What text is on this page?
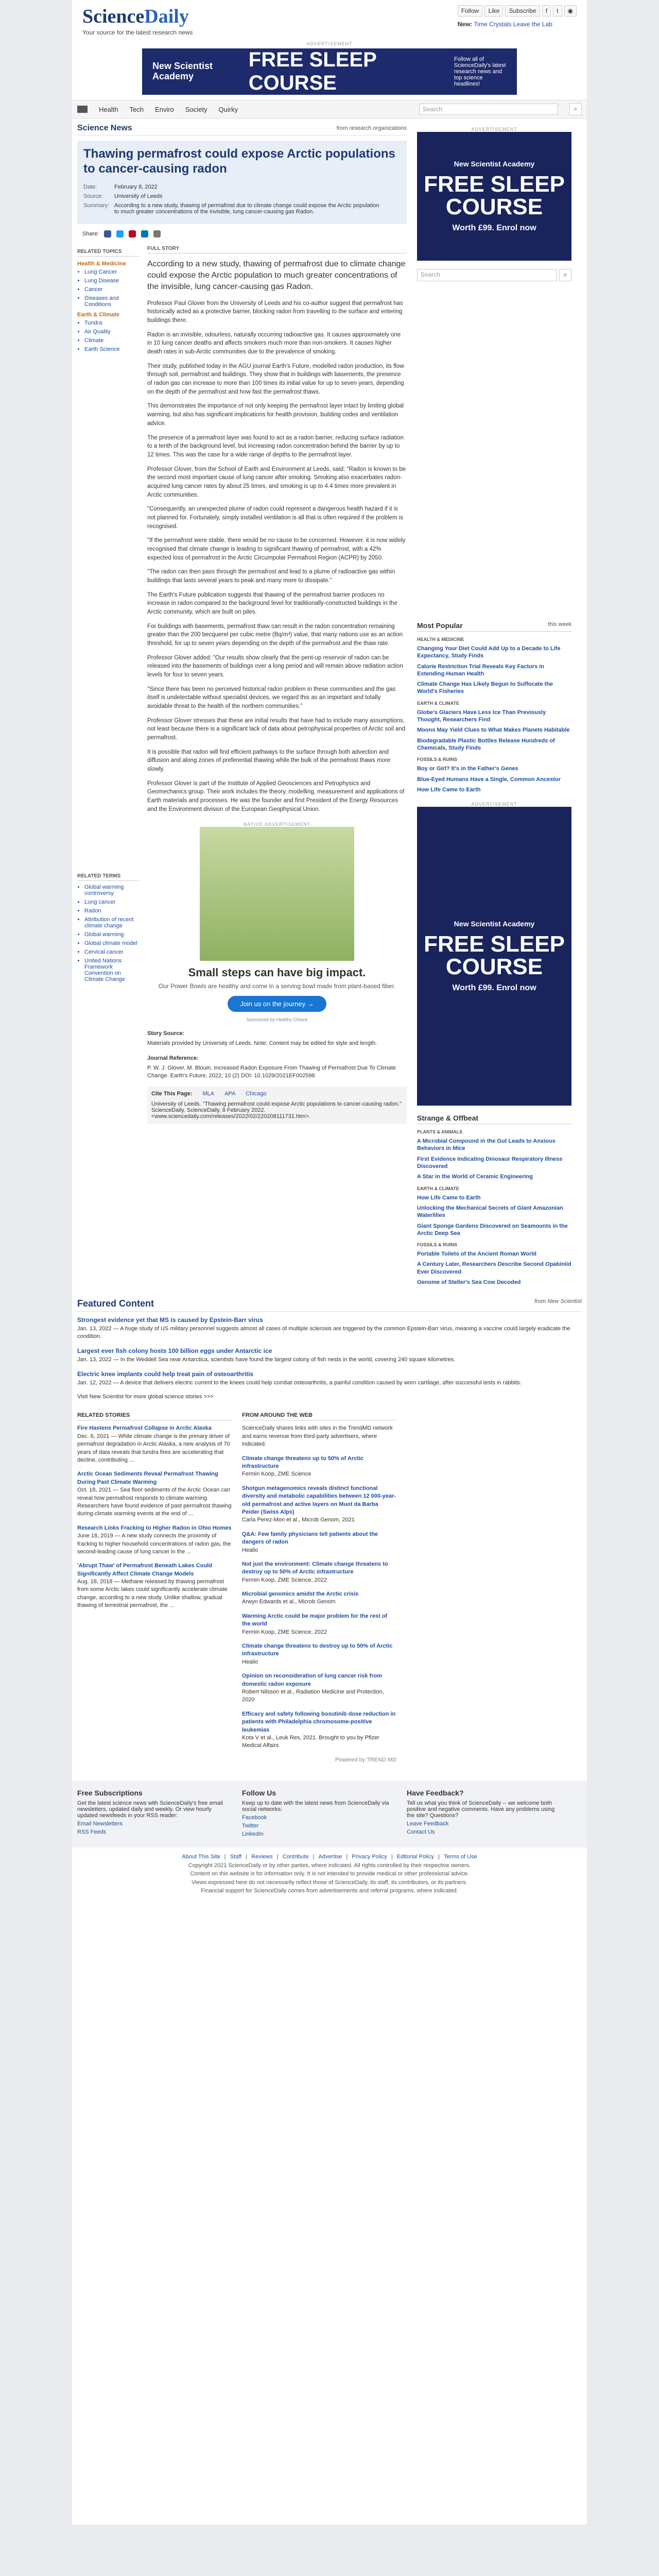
ScienceDaily
Your source for the latest research news
Follow	Like	Subscribe	f	t	◉
New: Time Crystals Leave the Lab
ADVERTISEMENT
New Scientist Academy
FREE SLEEP COURSE
Follow all of ScienceDaily's latest research news and top science headlines!
Health Tech Enviro Society Quirky	Search	⌕
Science News	from research organizations
Thawing permafrost could expose Arctic populations to cancer-causing radon
Date:	February 8, 2022
Source:	University of Leeds
Summary: According to a new study, thawing of permafrost due to climate change could expose the Arctic population to much greater concentrations of the invisible, lung cancer-causing gas Radon.
Share:
RELATED TOPICS
Health & Medicine
• Lung Cancer
• Lung Disease
• Cancer
• Diseases and Conditions
Earth & Climate
• Tundra
• Air Quality
• Climate
• Earth Science
RELATED TERMS
• Global warming controversy
• Lung cancer
• Radon
• Attribution of recent climate change
• Global warming
• Global climate model
• Cervical cancer
• United Nations Framework Convention on Climate Change
FULL STORY
According to a new study, thawing of permafrost due to climate change could expose the Arctic population to much greater concentrations of the invisible, lung cancer-causing gas Radon.

Professor Paul Glover from the University of Leeds and his co-author suggest that permafrost has historically acted as a protective barrier, blocking radon from travelling to the surface and entering buildings there.

Radon is an invisible, odourless, naturally occurring radioactive gas. It causes approximately one in 10 lung cancer deaths and affects smokers much more than non-smokers. It causes higher death rates in sub-Arctic communities due to the prevalence of smoking.

Their study, published today in the AGU journal Earth's Future, modelled radon production, its flow through soil, permafrost and buildings. They show that in buildings with basements, the presence of radon gas can increase to more than 100 times its initial value for up to seven years, depending on the depth of the permafrost and how fast the permafrost thaws.

This demonstrates the importance of not only keeping the permafrost layer intact by limiting global warming, but also has significant implications for health provision, building codes and ventilation advice.

The presence of a permafrost layer was found to act as a radon barrier, reducing surface radiation to a tenth of the background level, but increasing radon concentration behind the barrier by up to 12 times. This was the case for a wide range of depths to the permafrost layer.

Professor Glover, from the School of Earth and Environment at Leeds, said: "Radon is known to be the second most important cause of lung cancer after smoking. Smoking also exacerbates radon-acquired lung cancer rates by about 25 times, and smoking is up to 4.4 times more prevalent in Arctic communities.

"Consequently, an unexpected plume of radon could represent a dangerous health hazard if it is not planned for. Fortunately, simply installed ventilation is all that is often required if the problem is recognised.

"If the permafrost were stable, there would be no cause to be concerned. However, it is now widely recognised that climate change is leading to significant thawing of permafrost, with a 42% expected loss of permafrost in the Arctic Circumpolar Permafrost Region (ACPR) by 2050.

"The radon can then pass through the permafrost and lead to a plume of radioactive gas within buildings that lasts several years to peak and many more to dissipate."

The Earth's Future publication suggests that thawing of the permafrost barrier produces no increase in radon compared to the background level for traditionally-constructed buildings in the Arctic community, which are built on piles.

For buildings with basements, permafrost thaw can result in the radon concentration remaining greater than the 200 becquerel per cubic metre (Bq/m³) value, that many nations use as an action threshold, for up to seven years depending on the depth of the permafrost and the thaw rate.

Professor Glover added: "Our results show clearly that the pent-up reservoir of radon can be released into the basements of buildings over a long period and will remain above radiation action levels for four to seven years.

"Since there has been no perceived historical radon problem in these communities and the gas itself is undetectable without specialist devices, we regard this as an important and totally avoidable threat to the health of the northern communities."

Professor Glover stresses that these are initial results that have had to include many assumptions, not least because there is a significant lack of data about petrophysical properties of Arctic soil and permafrost.

It is possible that radon will find efficient pathways to the surface through both advection and diffusion and along zones of preferential thawing while the bulk of the permafrost thaws more slowly.

Professor Glover is part of the Institute of Applied Geosciences and Petrophysics and Geomechanics group. Their work includes the theory, modelling, measurement and applications of Earth materials and processes. He was the founder and first President of the Energy Resources and the Environment division of the European Geophysical Union.

NATIVE ADVERTISEMENT
Small steps can have big impact.
Our Power Bowls are healthy and come in a serving bowl made from plant-based fiber.
Join us on the journey →
Sponsored by Healthy Choice
Story Source:
Materials provided by University of Leeds. Note: Content may be edited for style and length.
Journal Reference:
P. W. J. Glover, M. Blouin. Increased Radon Exposure From Thawing of Permafrost Due To Climate Change. Earth's Future, 2022; 10 (2) DOI: 10.1029/2021EF002598
Cite This Page: MLA APA Chicago
University of Leeds. "Thawing permafrost could expose Arctic populations to cancer-causing radon." ScienceDaily. ScienceDaily, 8 February 2022. <www.sciencedaily.com/releases/2022/02/220208111731.htm>.
ADVERTISEMENT
New Scientist Academy
FREE SLEEP COURSE
Worth £99. Enrol now
Search	⌕
Most Popular	this week
HEALTH & MEDICINE
Changing Your Diet Could Add Up to a Decade to Life Expectancy, Study Finds
Calorie Restriction Trial Reveals Key Factors in Extending Human Health
Climate Change Has Likely Begun to Suffocate the World's Fisheries
EARTH & CLIMATE
Globe's Glaciers Have Less Ice Than Previously Thought, Researchers Find
Moons May Yield Clues to What Makes Planets Habitable
Biodegradable Plastic Bottles Release Hundreds of Chemicals, Study Finds
FOSSILS & RUINS
Boy or Girl? It's in the Father's Genes
Blue-Eyed Humans Have a Single, Common Ancestor
How Life Came to Earth
ADVERTISEMENT
New Scientist Academy
FREE SLEEP COURSE
Worth £99. Enrol now
Strange & Offbeat
PLANTS & ANIMALS
A Microbial Compound in the Gut Leads to Anxious Behaviors in Mice
First Evidence Indicating Dinosaur Respiratory Illness Discovered
A Star in the World of Ceramic Engineering
EARTH & CLIMATE
How Life Came to Earth
Unlocking the Mechanical Secrets of Giant Amazonian Waterlilies
Giant Sponge Gardens Discovered on Seamounts in the Arctic Deep Sea
FOSSILS & RUINS
Portable Toilets of the Ancient Roman World
A Century Later, Researchers Describe Second Opabiniid Ever Discovered
Genome of Steller's Sea Cow Decoded
Featured Content	from New Scientist
Strongest evidence yet that MS is caused by Epstein-Barr virus
Jan. 13, 2022 — A huge study of US military personnel suggests almost all cases of multiple sclerosis are triggered by the common Epstein-Barr virus, meaning a vaccine could largely eradicate the condition.
Largest ever fish colony hosts 100 billion eggs under Antarctic ice
Jan. 13, 2022 — In the Weddell Sea near Antarctica, scientists have found the largest colony of fish nests in the world, covering 240 square kilometres.
Electric knee implants could help treat pain of osteoarthritis
Jan. 12, 2022 — A device that delivers electric current to the knees could help combat osteoarthritis, a painful condition caused by worn cartilage, after successful tests in rabbits.
Visit New Scientist for more global science stories >>>
RELATED STORIES
Fire Hastens Permafrost Collapse in Arctic Alaska
Dec. 6, 2021 — While climate change is the primary driver of permafrost degradation in Arctic Alaska, a new analysis of 70 years of data reveals that tundra fires are accelerating that decline, contributing ...
Arctic Ocean Sediments Reveal Permafrost Thawing During Past Climate Warming
Oct. 18, 2021 — Sea floor sediments of the Arctic Ocean can reveal how permafrost responds to climate warming. Researchers have found evidence of past permafrost thawing during climate warming events at the end of ...
Research Links Fracking to Higher Radon in Ohio Homes
June 18, 2019 — A new study connects the proximity of fracking to higher household concentrations of radon gas, the second-leading cause of lung cancer in the ...
'Abrupt Thaw' of Permafrost Beneath Lakes Could Significantly Affect Climate Change Models
Aug. 18, 2018 — Methane released by thawing permafrost from some Arctic lakes could significantly accelerate climate change, according to a new study. Unlike shallow, gradual thawing of terrestrial permafrost, the ...
FROM AROUND THE WEB
ScienceDaily shares links with sites in the TrendMD network and earns revenue from third-party advertisers, where indicated.
Climate change threatens up to 50% of Arctic infrastructure
Fermin Koop, ZME Science
Shotgun metagenomics reveals distinct functional diversity and metabolic capabilities between 12 000-year-old permafrost and active layers on Muot da Barba Peider (Swiss Alps)
Carla Perez-Mon et al., Microb Genom, 2021
Q&A: Few family physicians tell patients about the dangers of radon
Healio
Not just the environment: Climate change threatens to destroy up to 50% of Arctic infrastructure
Fermin Koop, ZME Science, 2022
Microbial genomics amidst the Arctic crisis
Arwyn Edwards et al., Microb Genom
Warming Arctic could be major problem for the rest of the world
Fermin Koop, ZME Science, 2022
Climate change threatens to destroy up to 50% of Arctic infrastructure
Healio
Opinion on reconsideration of lung cancer risk from domestic radon exposure
Robert Nilsson et al., Radiation Medicine and Protection, 2020
Efficacy and safety following bosutinib dose reduction in patients with Philadelphia chromosome-positive leukemias
Kota V et al., Leuk Res, 2021. Brought to you by Pfizer Medical Affairs
Powered by TREND MD
Free Subscriptions
Get the latest science news with ScienceDaily's free email newsletters, updated daily and weekly. Or view hourly updated newsfeeds in your RSS reader:
Email Newsletters
RSS Feeds
Follow Us
Keep up to date with the latest news from ScienceDaily via social networks:
Facebook
Twitter
LinkedIn
Have Feedback?
Tell us what you think of ScienceDaily -- we welcome both positive and negative comments. Have any problems using the site? Questions?
Leave Feedback
Contact Us
About This Site | Staff | Reviews | Contribute | Advertise | Privacy Policy | Editorial Policy | Terms of Use
Copyright 2021 ScienceDaily or by other parties, where indicated. All rights controlled by their respective owners.
Content on this website is for information only. It is not intended to provide medical or other professional advice.
Views expressed here do not necessarily reflect those of ScienceDaily, its staff, its contributors, or its partners.
Financial support for ScienceDaily comes from advertisements and referral programs, where indicated.
